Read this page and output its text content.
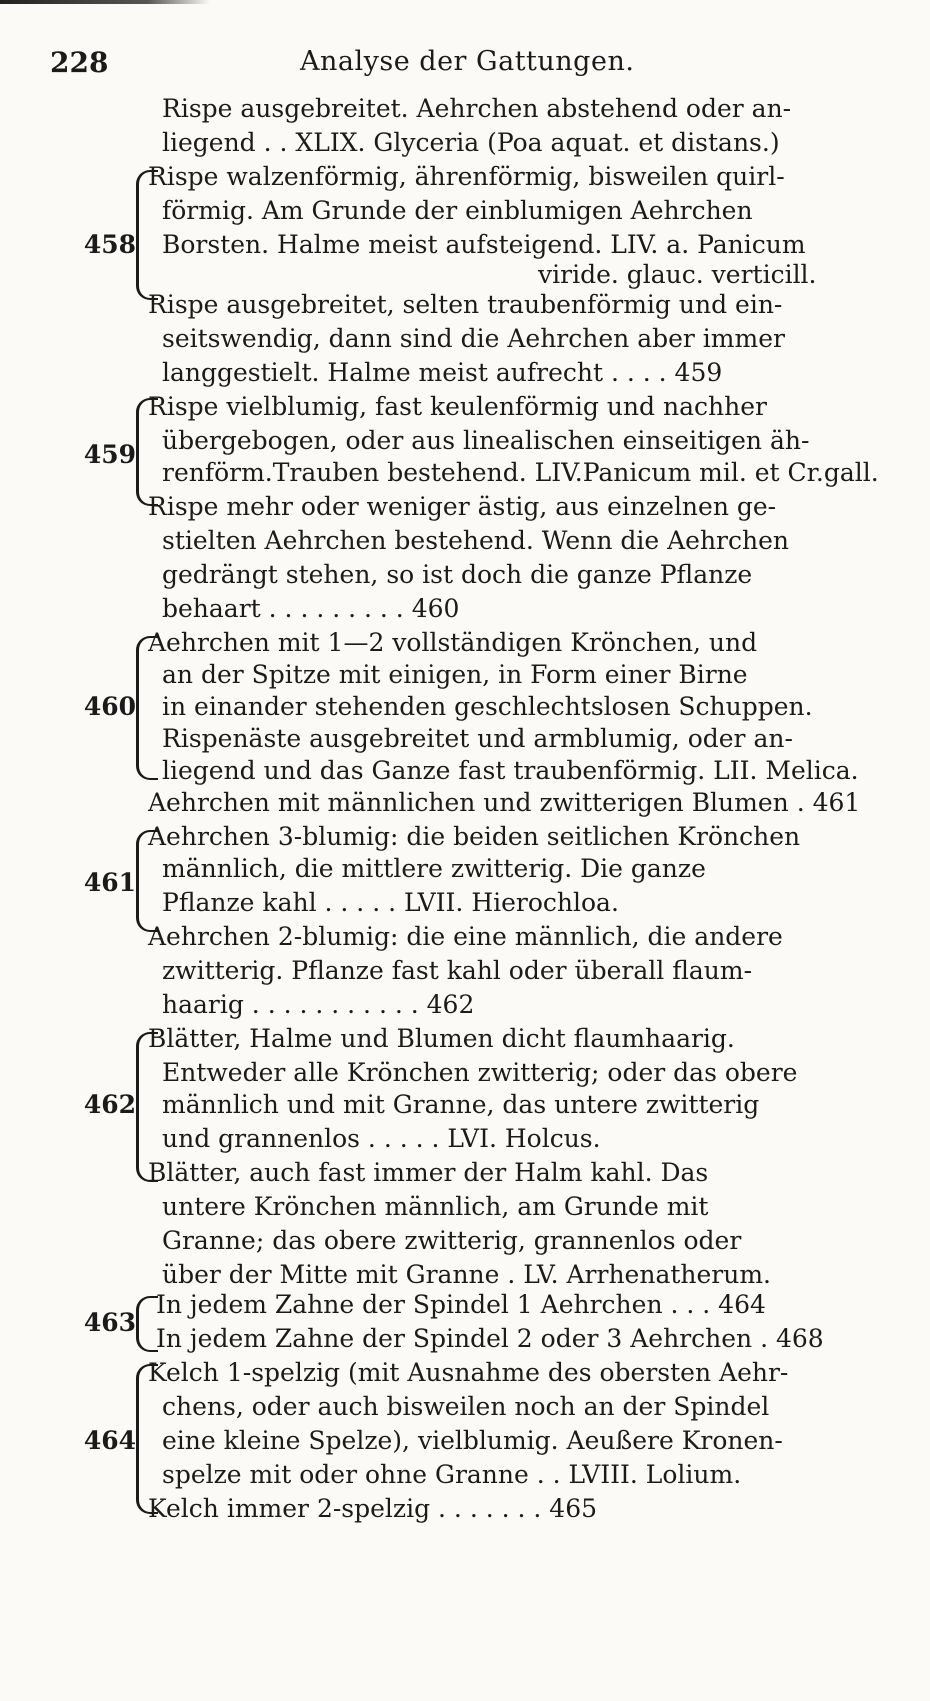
228	Analyse der Gattungen.
Rispe ausgebreitet. Aehrchen abstehend oder an‑
liegend . . XLIX. Glyceria (Poa aquat. et distans.)
458
Rispe walzenförmig, ährenförmig, bisweilen quirl‑
förmig. Am Grunde der einblumigen Aehrchen
Borsten. Halme meist aufsteigend. LIV. a. Panicum
viride. glauc. verticill.
Rispe ausgebreitet, selten traubenförmig und ein‑
seitswendig, dann sind die Aehrchen aber immer
langgestielt. Halme meist aufrecht . . . . 459
459
Rispe vielblumig, fast keulenförmig und nachher
übergebogen, oder aus linealischen einseitigen äh‑
renförm.Trauben bestehend. LIV.Panicum mil. et Cr.gall.
Rispe mehr oder weniger ästig, aus einzelnen ge‑
stielten Aehrchen bestehend. Wenn die Aehrchen
gedrängt stehen, so ist doch die ganze Pflanze
behaart . . . . . . . . . 460
460
Aehrchen mit 1—2 vollständigen Krönchen, und
an der Spitze mit einigen, in Form einer Birne
in einander stehenden geschlechtslosen Schuppen.
Rispenäste ausgebreitet und armblumig, oder an‑
liegend und das Ganze fast traubenförmig. LII. Melica.
Aehrchen mit männlichen und zwitterigen Blumen . 461
461
Aehrchen 3‑blumig: die beiden seitlichen Krönchen
männlich, die mittlere zwitterig. Die ganze
Pflanze kahl . . . . . LVII. Hierochloa.
Aehrchen 2‑blumig: die eine männlich, die andere
zwitterig. Pflanze fast kahl oder überall flaum‑
haarig . . . . . . . . . . . 462
462
Blätter, Halme und Blumen dicht flaumhaarig.
Entweder alle Krönchen zwitterig; oder das obere
männlich und mit Granne, das untere zwitterig
und grannenlos . . . . . LVI. Holcus.
Blätter, auch fast immer der Halm kahl. Das
untere Krönchen männlich, am Grunde mit
Granne; das obere zwitterig, grannenlos oder
über der Mitte mit Granne . LV. Arrhenatherum.
463
In jedem Zahne der Spindel 1 Aehrchen . . . 464
In jedem Zahne der Spindel 2 oder 3 Aehrchen . 468
464
Kelch 1‑spelzig (mit Ausnahme des obersten Aehr‑
chens, oder auch bisweilen noch an der Spindel
eine kleine Spelze), vielblumig. Aeußere Kronen‑
spelze mit oder ohne Granne . . LVIII. Lolium.
Kelch immer 2‑spelzig . . . . . . . 465
